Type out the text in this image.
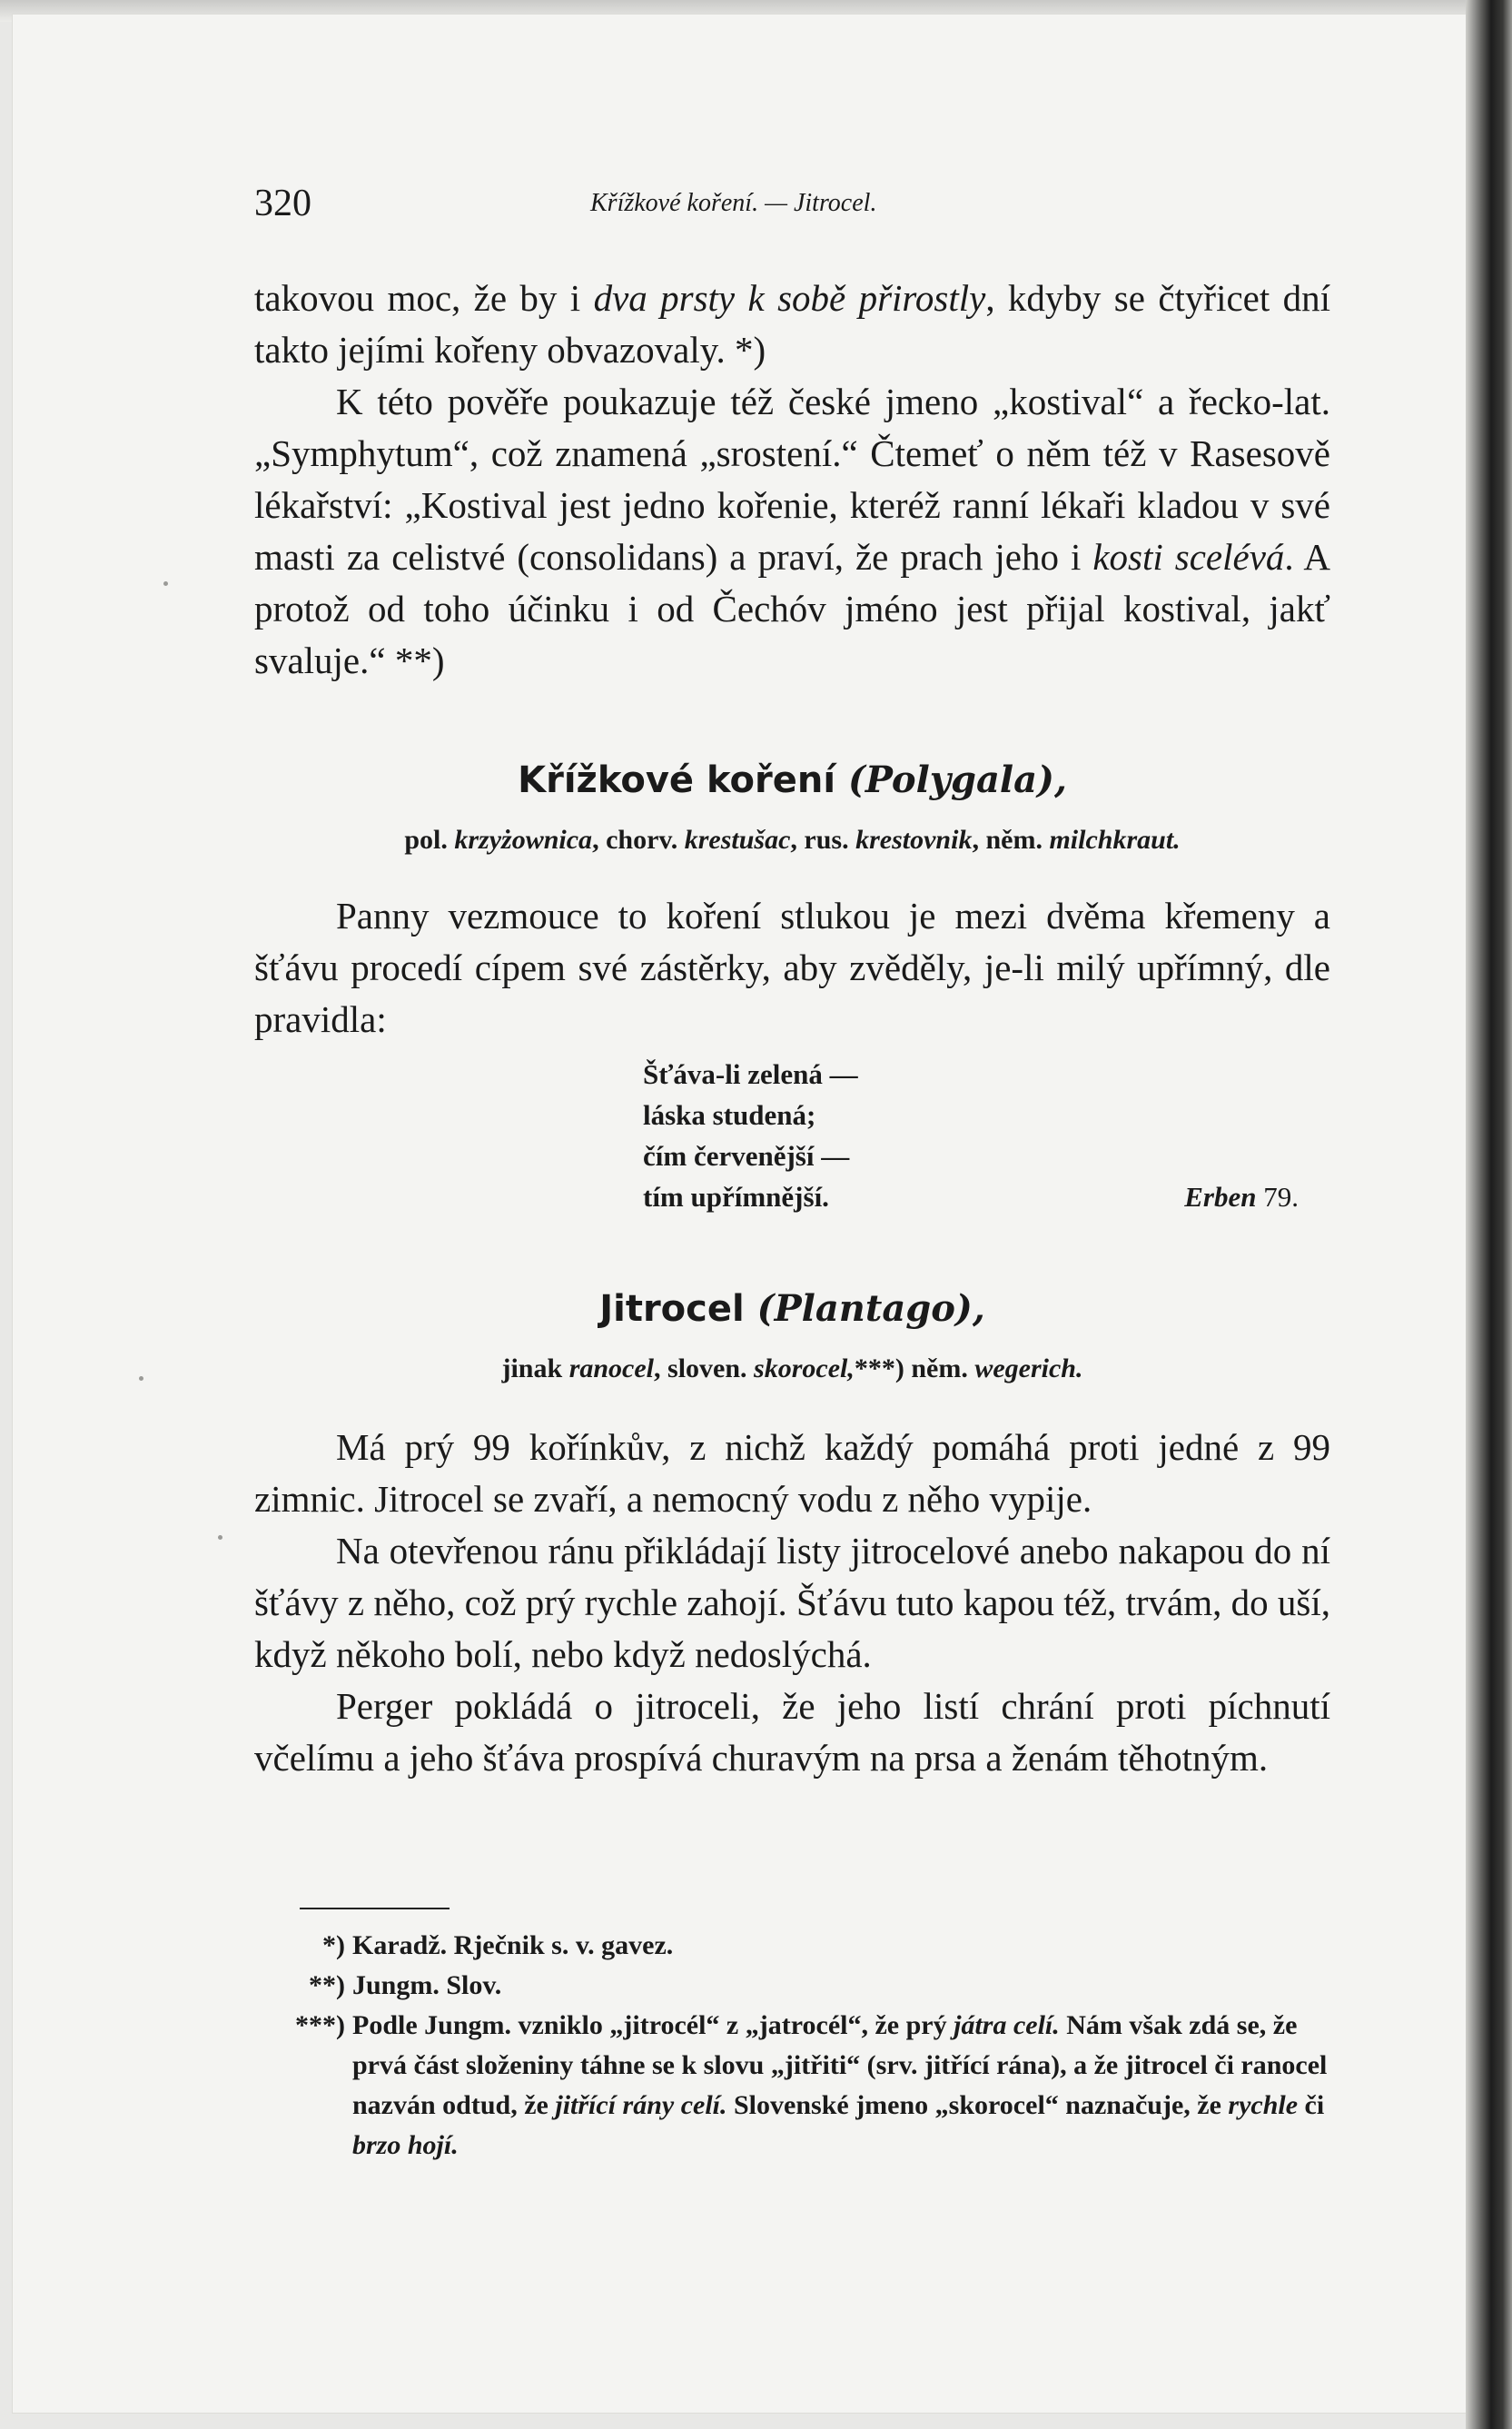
320	Křížkové koření. — Jitrocel.

takovou moc, že by i dva prsty k sobě přirostly, kdyby se čtyřicet dní takto jejími kořeny obvazovaly. *)

K této pověře poukazuje též české jmeno „kostival“ a řecko-lat. „Symphytum“, což znamená „srostení.“ Čtemeť o něm též v Rasesově lékařství: „Kostival jest jedno kořenie, kteréž ranní lékaři kladou v své masti za celistvé (consolidans) a praví, že prach jeho i kosti scelévá. A protož od toho účinku i od Čechóv jméno jest přijal kostival, jakť svaluje.“ **)

Křížkové koření (Polygala),
pol. krzyżownica, chorv. krestušac, rus. krestovnik, něm. milchkraut.

Panny vezmouce to koření stlukou je mezi dvěma křemeny a šťávu procedí cípem své zástěrky, aby zvěděly, je-li milý upřímný, dle pravidla:

Šťáva-li zelená —
láska studená;
čím červenější —
tím upřímnější.	Erben 79.
Jitrocel (Plantago),
jinak ranocel, sloven. skorocel,***) něm. wegerich.

Má prý 99 kořínkův, z nichž každý pomáhá proti jedné z 99 zimnic. Jitrocel se zvaří, a nemocný vodu z něho vypije.

Na otevřenou ránu přikládají listy jitrocelové anebo nakapou do ní šťávy z něho, což prý rychle zahojí. Šťávu tuto kapou též, trvám, do uší, když někoho bolí, nebo když nedoslýchá.

Perger pokládá o jitroceli, že jeho listí chrání proti píchnutí včelímu a jeho šťáva prospívá churavým na prsa a ženám těhotným.

*) Karadž. Rječnik s. v. gavez.
**) Jungm. Slov.
***) Podle Jungm. vzniklo „jitrocél“ z „jatrocél“, že prý játra celí. Nám však zdá se, že prvá část složeniny táhne se k slovu „jitřiti“ (srv. jitřící rána), a že jitrocel či ranocel nazván odtud, že jitřící rány celí. Slovenské jmeno „skorocel“ naznačuje, že rychle či brzo hojí.
